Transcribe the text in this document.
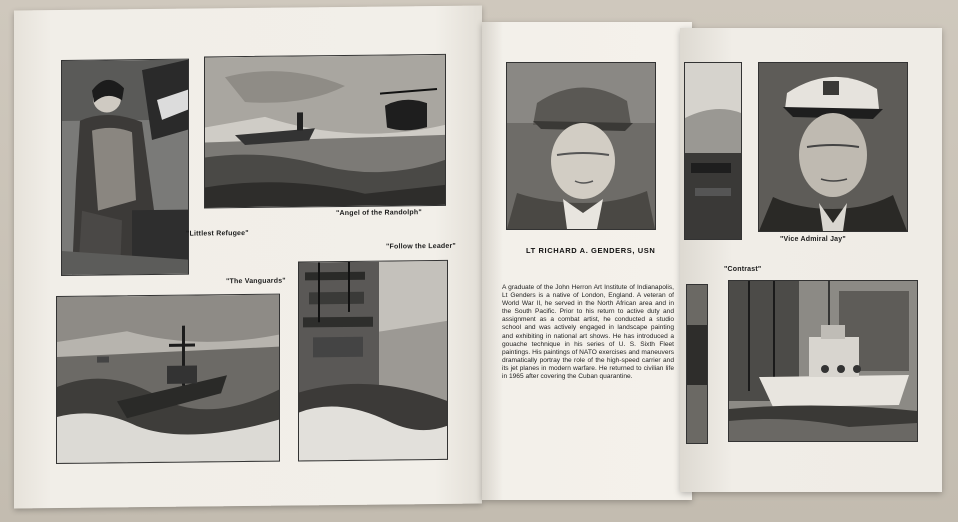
"Littlest Refugee"
"Angel of the Randolph"
"The Vanguards"
"Follow the Leader"	LT RICHARD A. GENDERS, USN
A graduate of the John Herron Art Institute of Indianapolis, Lt Genders is a native of London, England. A veteran of World War II, he served in the North African area and in the South Pacific. Prior to his return to active duty and assignment as a combat artist, he conducted a studio school and was actively engaged in landscape painting and exhibiting in national art shows. He has introduced a gouache technique in his series of U. S. Sixth Fleet paintings. His paintings of NATO exercises and maneuvers dramatically portray the role of the high-speed carrier and its jet planes in modern warfare. He returned to civilian life in 1965 after covering the Cuban quarantine.
"Vice Admiral Jay"
"Contrast"
